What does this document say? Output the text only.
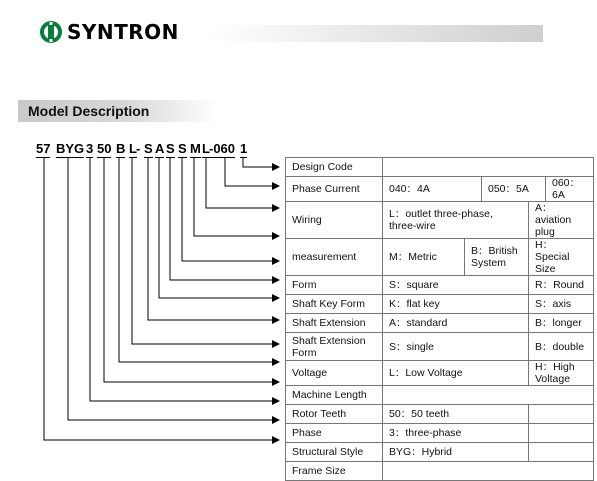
SYNTRON
Model Description
57 BYG 3 50 B L - S A S S M L -060 1
Design Code					
Phase Current	040：4A		050：5A		060：6A
Wiring	L：outlet three-phase, three-wire			A：aviation plug	
measurement	M：Metric	B：British System		H：Special Size	
Form	S：square			R：Round	
Shaft Key Form	K：flat key			S：axis	
Shaft Extension	A：standard			B：longer	
Shaft Extension Form	S：single			B：double	
Voltage	L：Low Voltage			H：High Voltage	
Machine Length					
Rotor Teeth	50：50 teeth				
Phase	3：three-phase				
Structural Style	BYG：Hybrid				
Frame Size					
